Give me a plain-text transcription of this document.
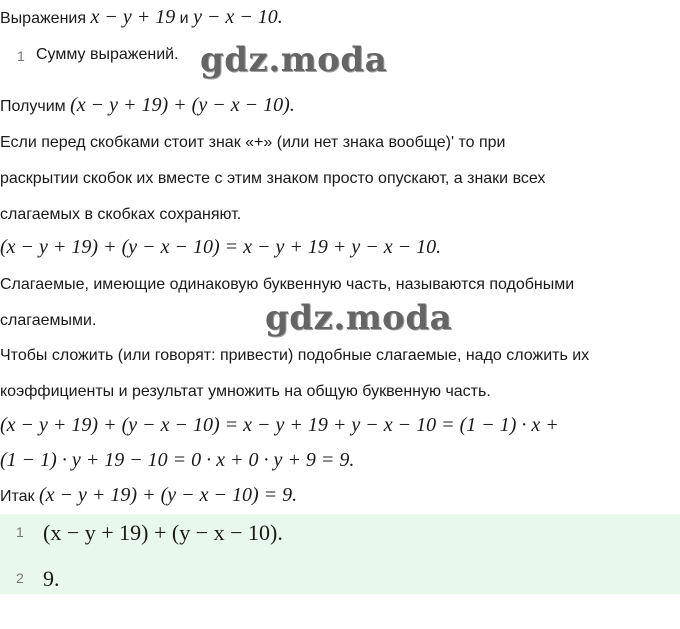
Выражения x − y + 19 и y − x − 10.
1 Сумму выражений. gdz.moda
Получим (x − y + 19) + (y − x − 10).
Если перед скобками стоит знак «+» (или нет знака вообще)' то при
раскрытии скобок их вместе с этим знаком просто опускают, а знаки всех
слагаемых в скобках сохраняют.
(x − y + 19) + (y − x − 10) = x − y + 19 + y − x − 10.
Слагаемые, имеющие одинаковую буквенную часть, называются подобными
слагаемыми.	gdz.moda
Чтобы сложить (или говорят: привести) подобные слагаемые, надо сложить их
коэффициенты и результат умножить на общую буквенную часть.
(x − y + 19) + (y − x − 10) = x − y + 19 + y − x − 10 = (1 − 1) · x +
(1 − 1) · y + 19 − 10 = 0 · x + 0 · y + 9 = 9.
Итак (x − y + 19) + (y − x − 10) = 9.
1 (x − y + 19) + (y − x − 10).
2 9.
